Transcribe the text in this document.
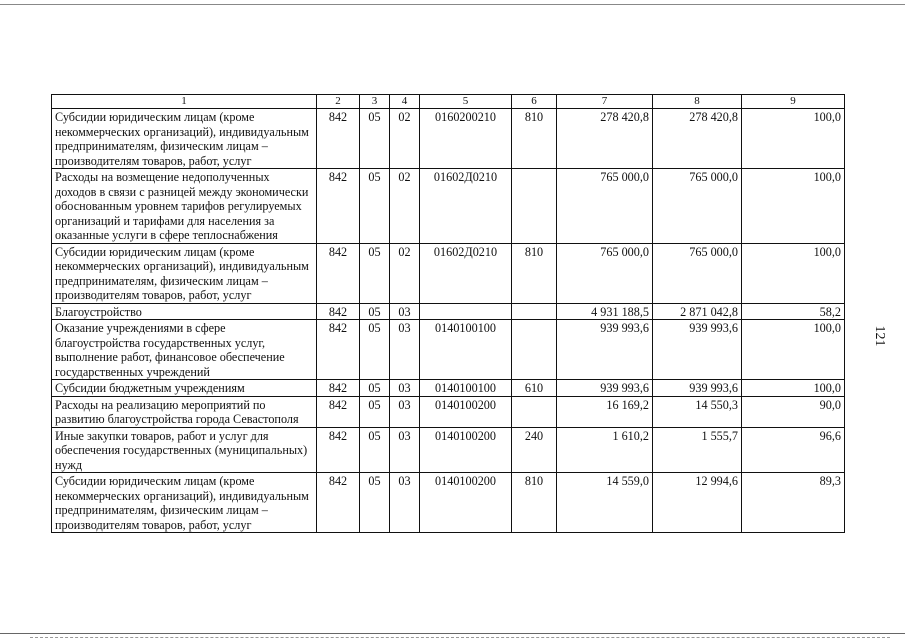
121
1	2	3	4	5	6	7	8	9
Субсидии юридическим лицам (кроме некоммерческих организаций), индивидуальным предпринимателям, физическим лицам – производителям товаров, работ, услуг	842	05	02	0160200210	810	278 420,8	278 420,8	100,0
Расходы на возмещение недополученных доходов в связи с разницей между экономически обоснованным уровнем тарифов регулируемых организаций и тарифами для населения за оказанные услуги в сфере теплоснабжения	842	05	02	01602Д0210		765 000,0	765 000,0	100,0
Субсидии юридическим лицам (кроме некоммерческих организаций), индивидуальным предпринимателям, физическим лицам – производителям товаров, работ, услуг	842	05	02	01602Д0210	810	765 000,0	765 000,0	100,0
Благоустройство	842	05	03			4 931 188,5	2 871 042,8	58,2
Оказание учреждениями в сфере благоустройства государственных услуг, выполнение работ, финансовое обеспечение государственных учреждений	842	05	03	0140100100		939 993,6	939 993,6	100,0
Субсидии бюджетным учреждениям	842	05	03	0140100100	610	939 993,6	939 993,6	100,0
Расходы на реализацию мероприятий по развитию благоустройства города Севастополя	842	05	03	0140100200		16 169,2	14 550,3	90,0
Иные закупки товаров, работ и услуг для обеспечения государственных (муниципальных) нужд	842	05	03	0140100200	240	1 610,2	1 555,7	96,6
Субсидии юридическим лицам (кроме некоммерческих организаций), индивидуальным предпринимателям, физическим лицам – производителям товаров, работ, услуг	842	05	03	0140100200	810	14 559,0	12 994,6	89,3
